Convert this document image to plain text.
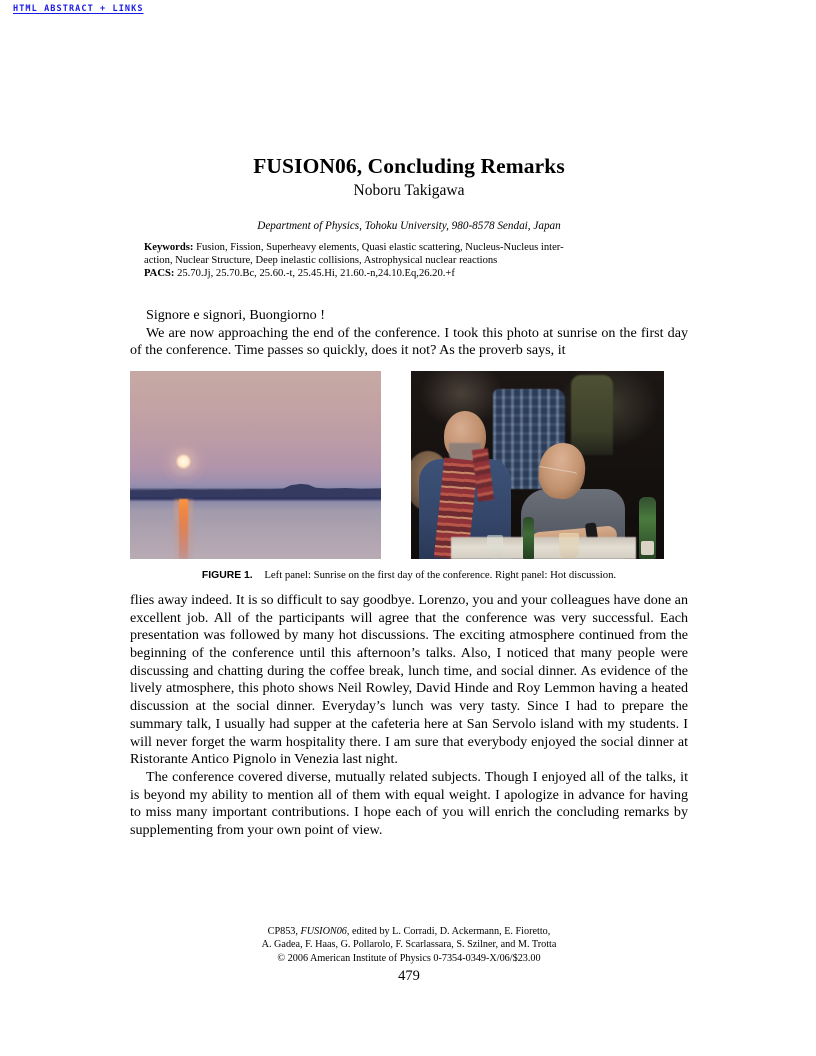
HTML ABSTRACT + LINKS
FUSION06, Concluding Remarks
Noboru Takigawa
Department of Physics, Tohoku University, 980-8578 Sendai, Japan
Keywords: Fusion, Fission, Superheavy elements, Quasi elastic scattering, Nucleus-Nucleus inter-
action, Nuclear Structure, Deep inelastic collisions, Astrophysical nuclear reactions
PACS: 25.70.Jj, 25.70.Bc, 25.60.-t, 25.45.Hi, 21.60.-n,24.10.Eq,26.20.+f
Signore e signori, Buongiorno !
We are now approaching the end of the conference. I took this photo at sunrise on the first day of the conference. Time passes so quickly, does it not? As the proverb says, it
FIGURE 1. Left panel: Sunrise on the first day of the conference. Right panel: Hot discussion.
flies away indeed. It is so difficult to say goodbye. Lorenzo, you and your colleagues have done an excellent job. All of the participants will agree that the conference was very successful. Each presentation was followed by many hot discussions. The exciting atmosphere continued from the beginning of the conference until this afternoon’s talks. Also, I noticed that many people were discussing and chatting during the coffee break, lunch time, and social dinner. As evidence of the lively atmosphere, this photo shows Neil Rowley, David Hinde and Roy Lemmon having a heated discussion at the social dinner. Everyday’s lunch was very tasty. Since I had to prepare the summary talk, I usually had supper at the cafeteria here at San Servolo island with my students. I will never forget the warm hospitality there. I am sure that everybody enjoyed the social dinner at Ristorante Antico Pignolo in Venezia last night.
The conference covered diverse, mutually related subjects. Though I enjoyed all of the talks, it is beyond my ability to mention all of them with equal weight. I apologize in advance for having to miss many important contributions. I hope each of you will enrich the concluding remarks by supplementing from your own point of view.
CP853, FUSION06, edited by L. Corradi, D. Ackermann, E. Fioretto,
A. Gadea, F. Haas, G. Pollarolo, F. Scarlassara, S. Szilner, and M. Trotta
© 2006 American Institute of Physics 0-7354-0349-X/06/$23.00
479
